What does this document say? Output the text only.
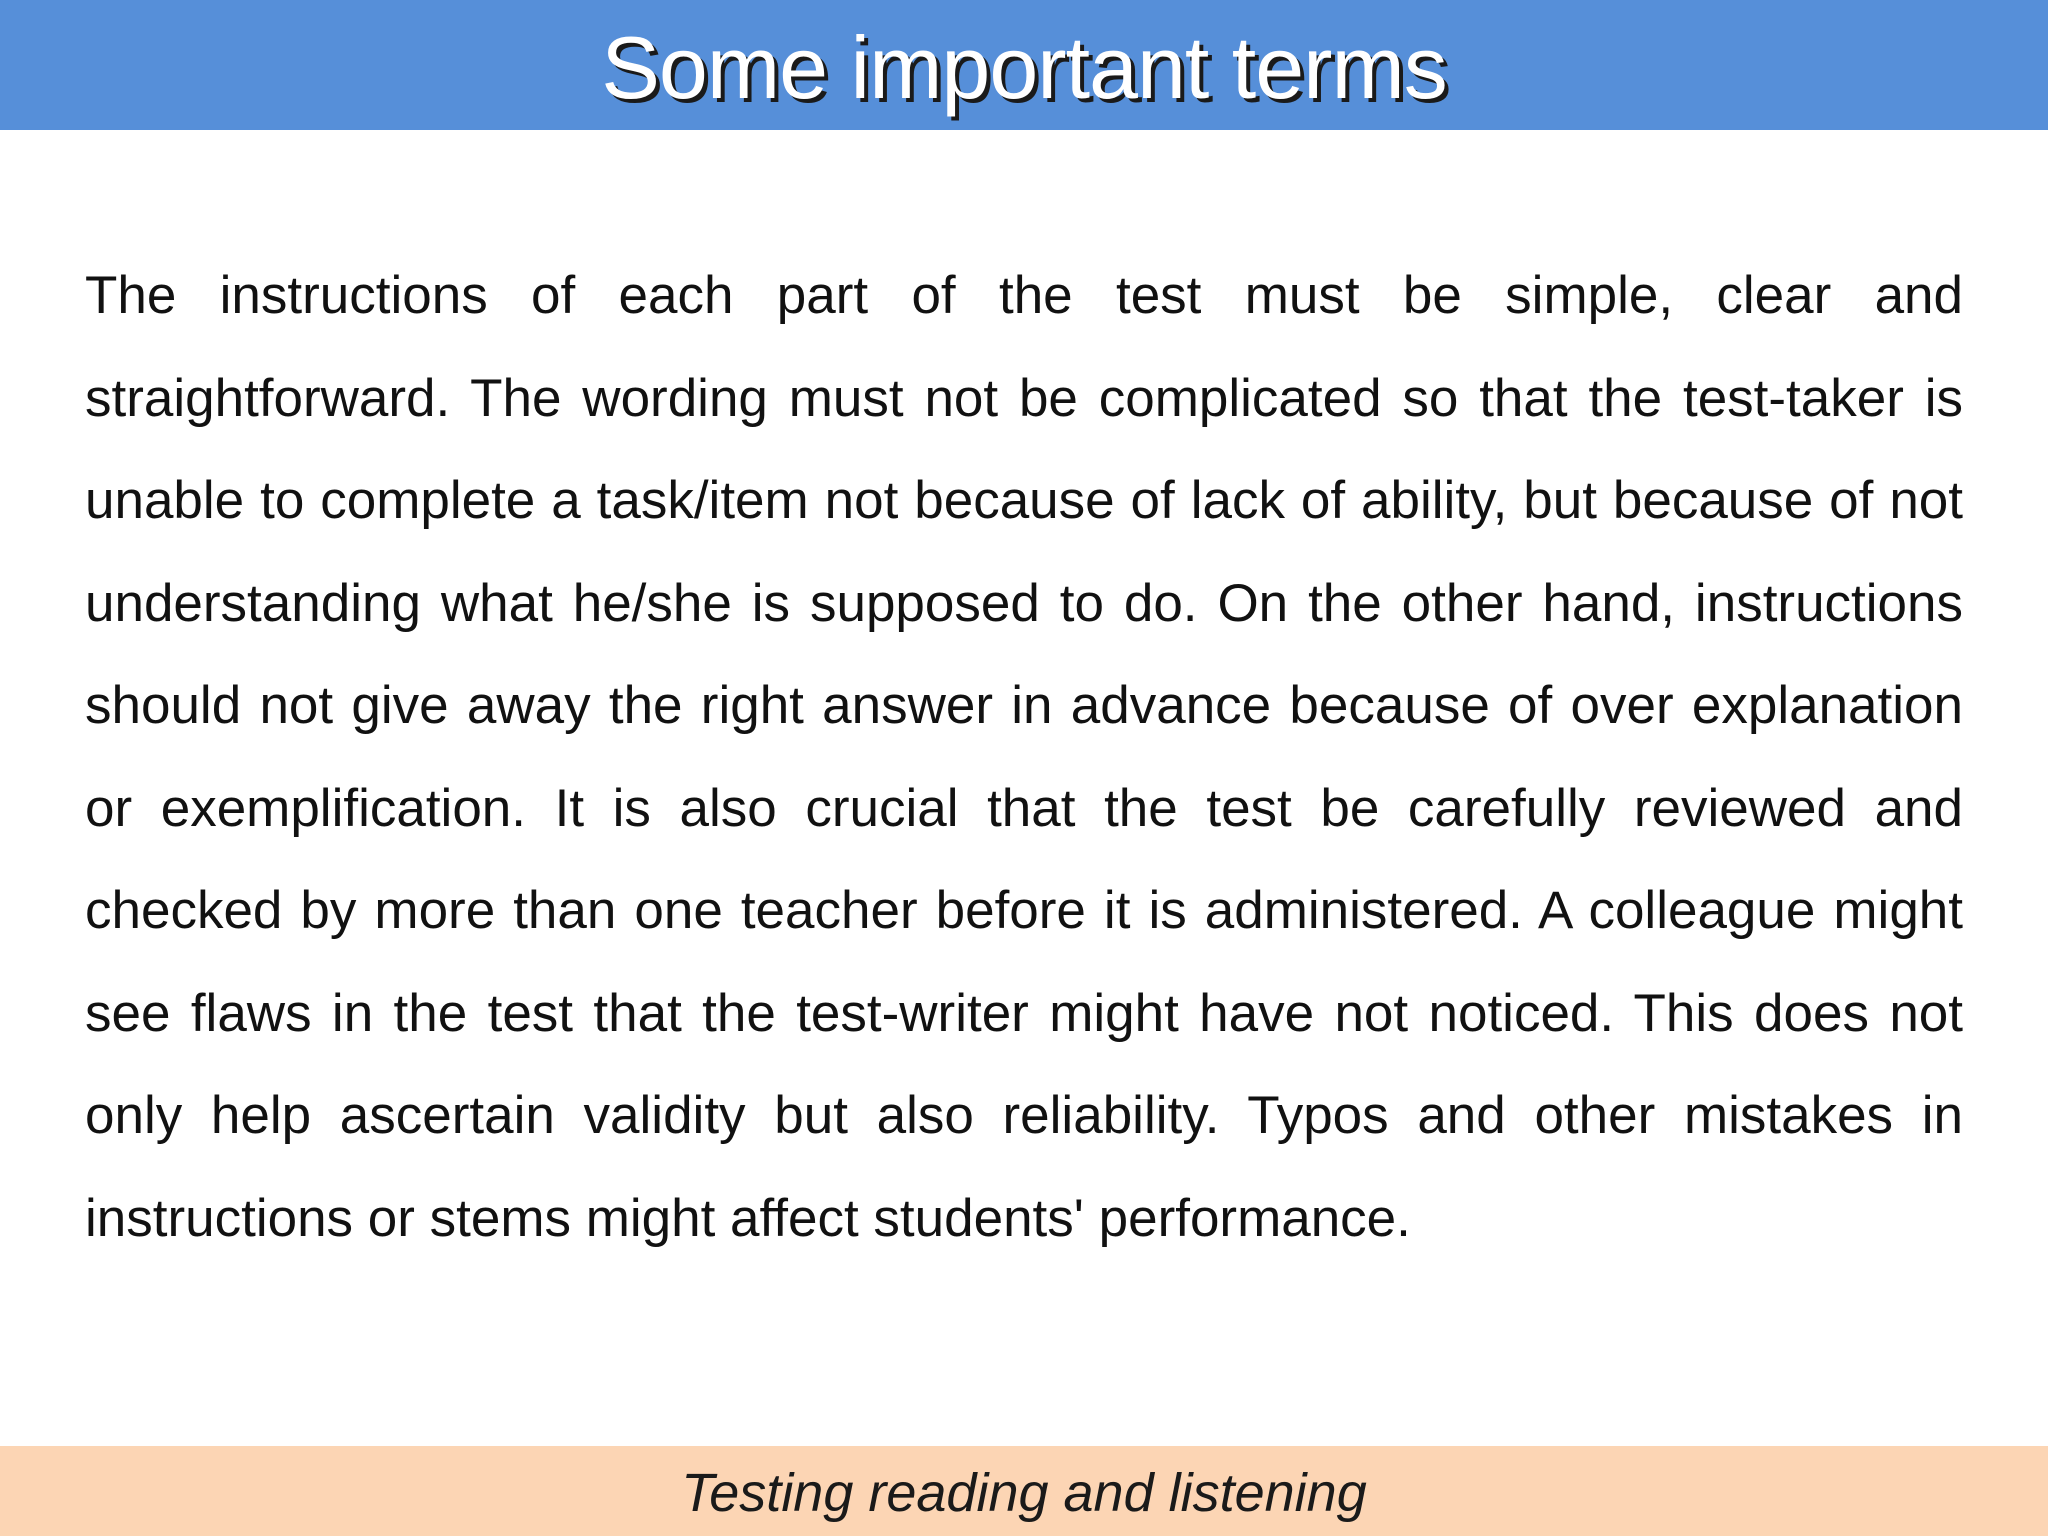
Some important terms

The instructions of each part of the test must be simple, clear and straightforward. The wording must not be complicated so that the test-taker is unable to complete a task/item not because of lack of ability, but because of not understanding what he/she is supposed to do. On the other hand, instructions should not give away the right answer in advance because of over explanation or exemplification. It is also crucial that the test be carefully reviewed and checked by more than one teacher before it is administered. A colleague might see flaws in the test that the test-writer might have not noticed. This does not only help ascertain validity but also reliability. Typos and other mistakes in instructions or stems might affect students' performance.

Testing reading and listening
